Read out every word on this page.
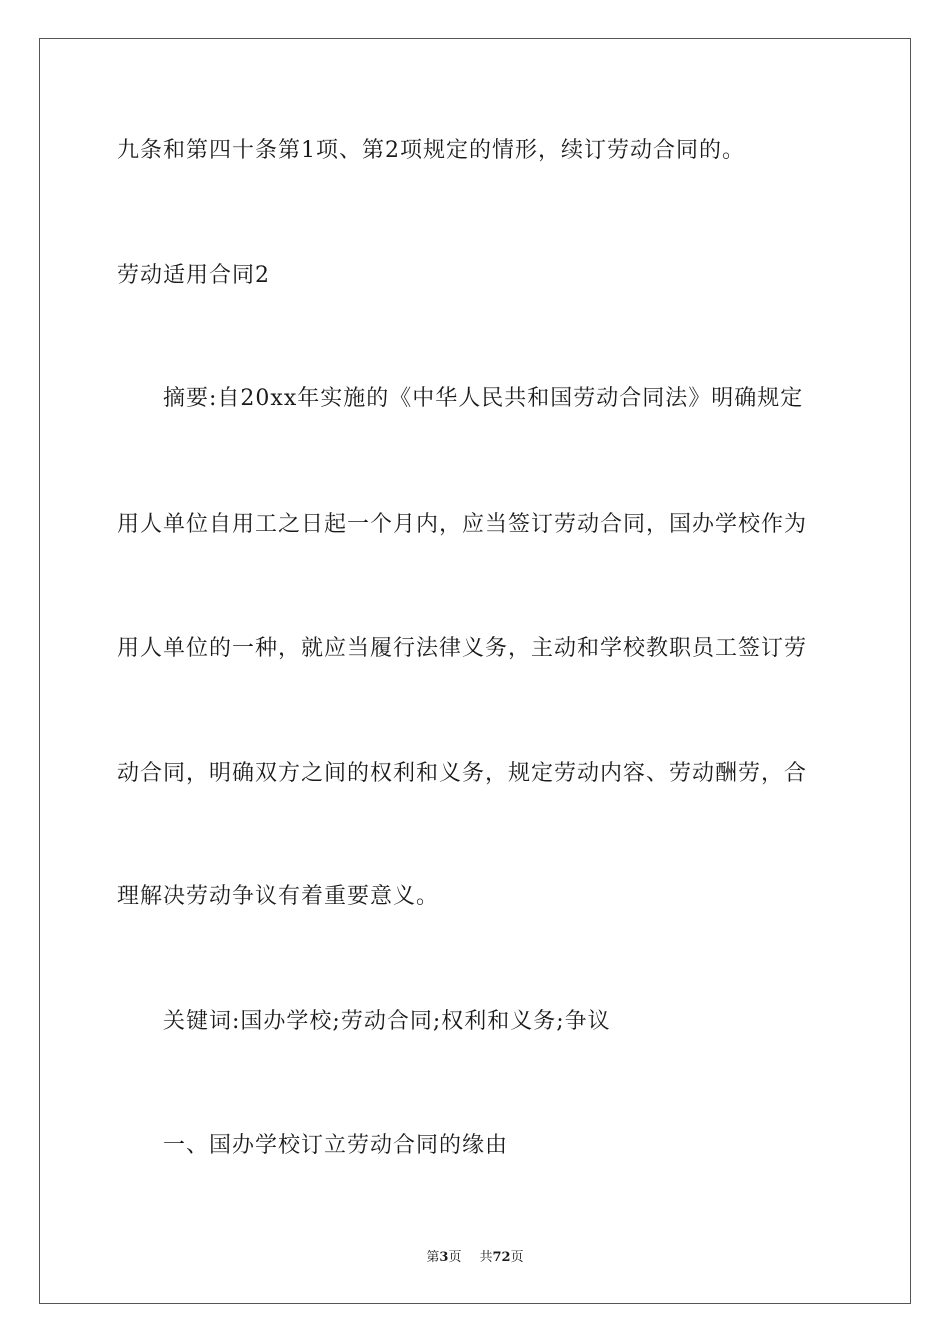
九条和第四十条第1项、第2项规定的情形，续订劳动合同的。
劳动适用合同2
摘要:自20xx年实施的《中华人民共和国劳动合同法》明确规定
用人单位自用工之日起一个月内，应当签订劳动合同，国办学校作为
用人单位的一种，就应当履行法律义务，主动和学校教职员工签订劳
动合同，明确双方之间的权利和义务，规定劳动内容、劳动酬劳，合
理解决劳动争议有着重要意义。
关键词:国办学校;劳动合同;权利和义务;争议
一、国办学校订立劳动合同的缘由
第3页 共72页
